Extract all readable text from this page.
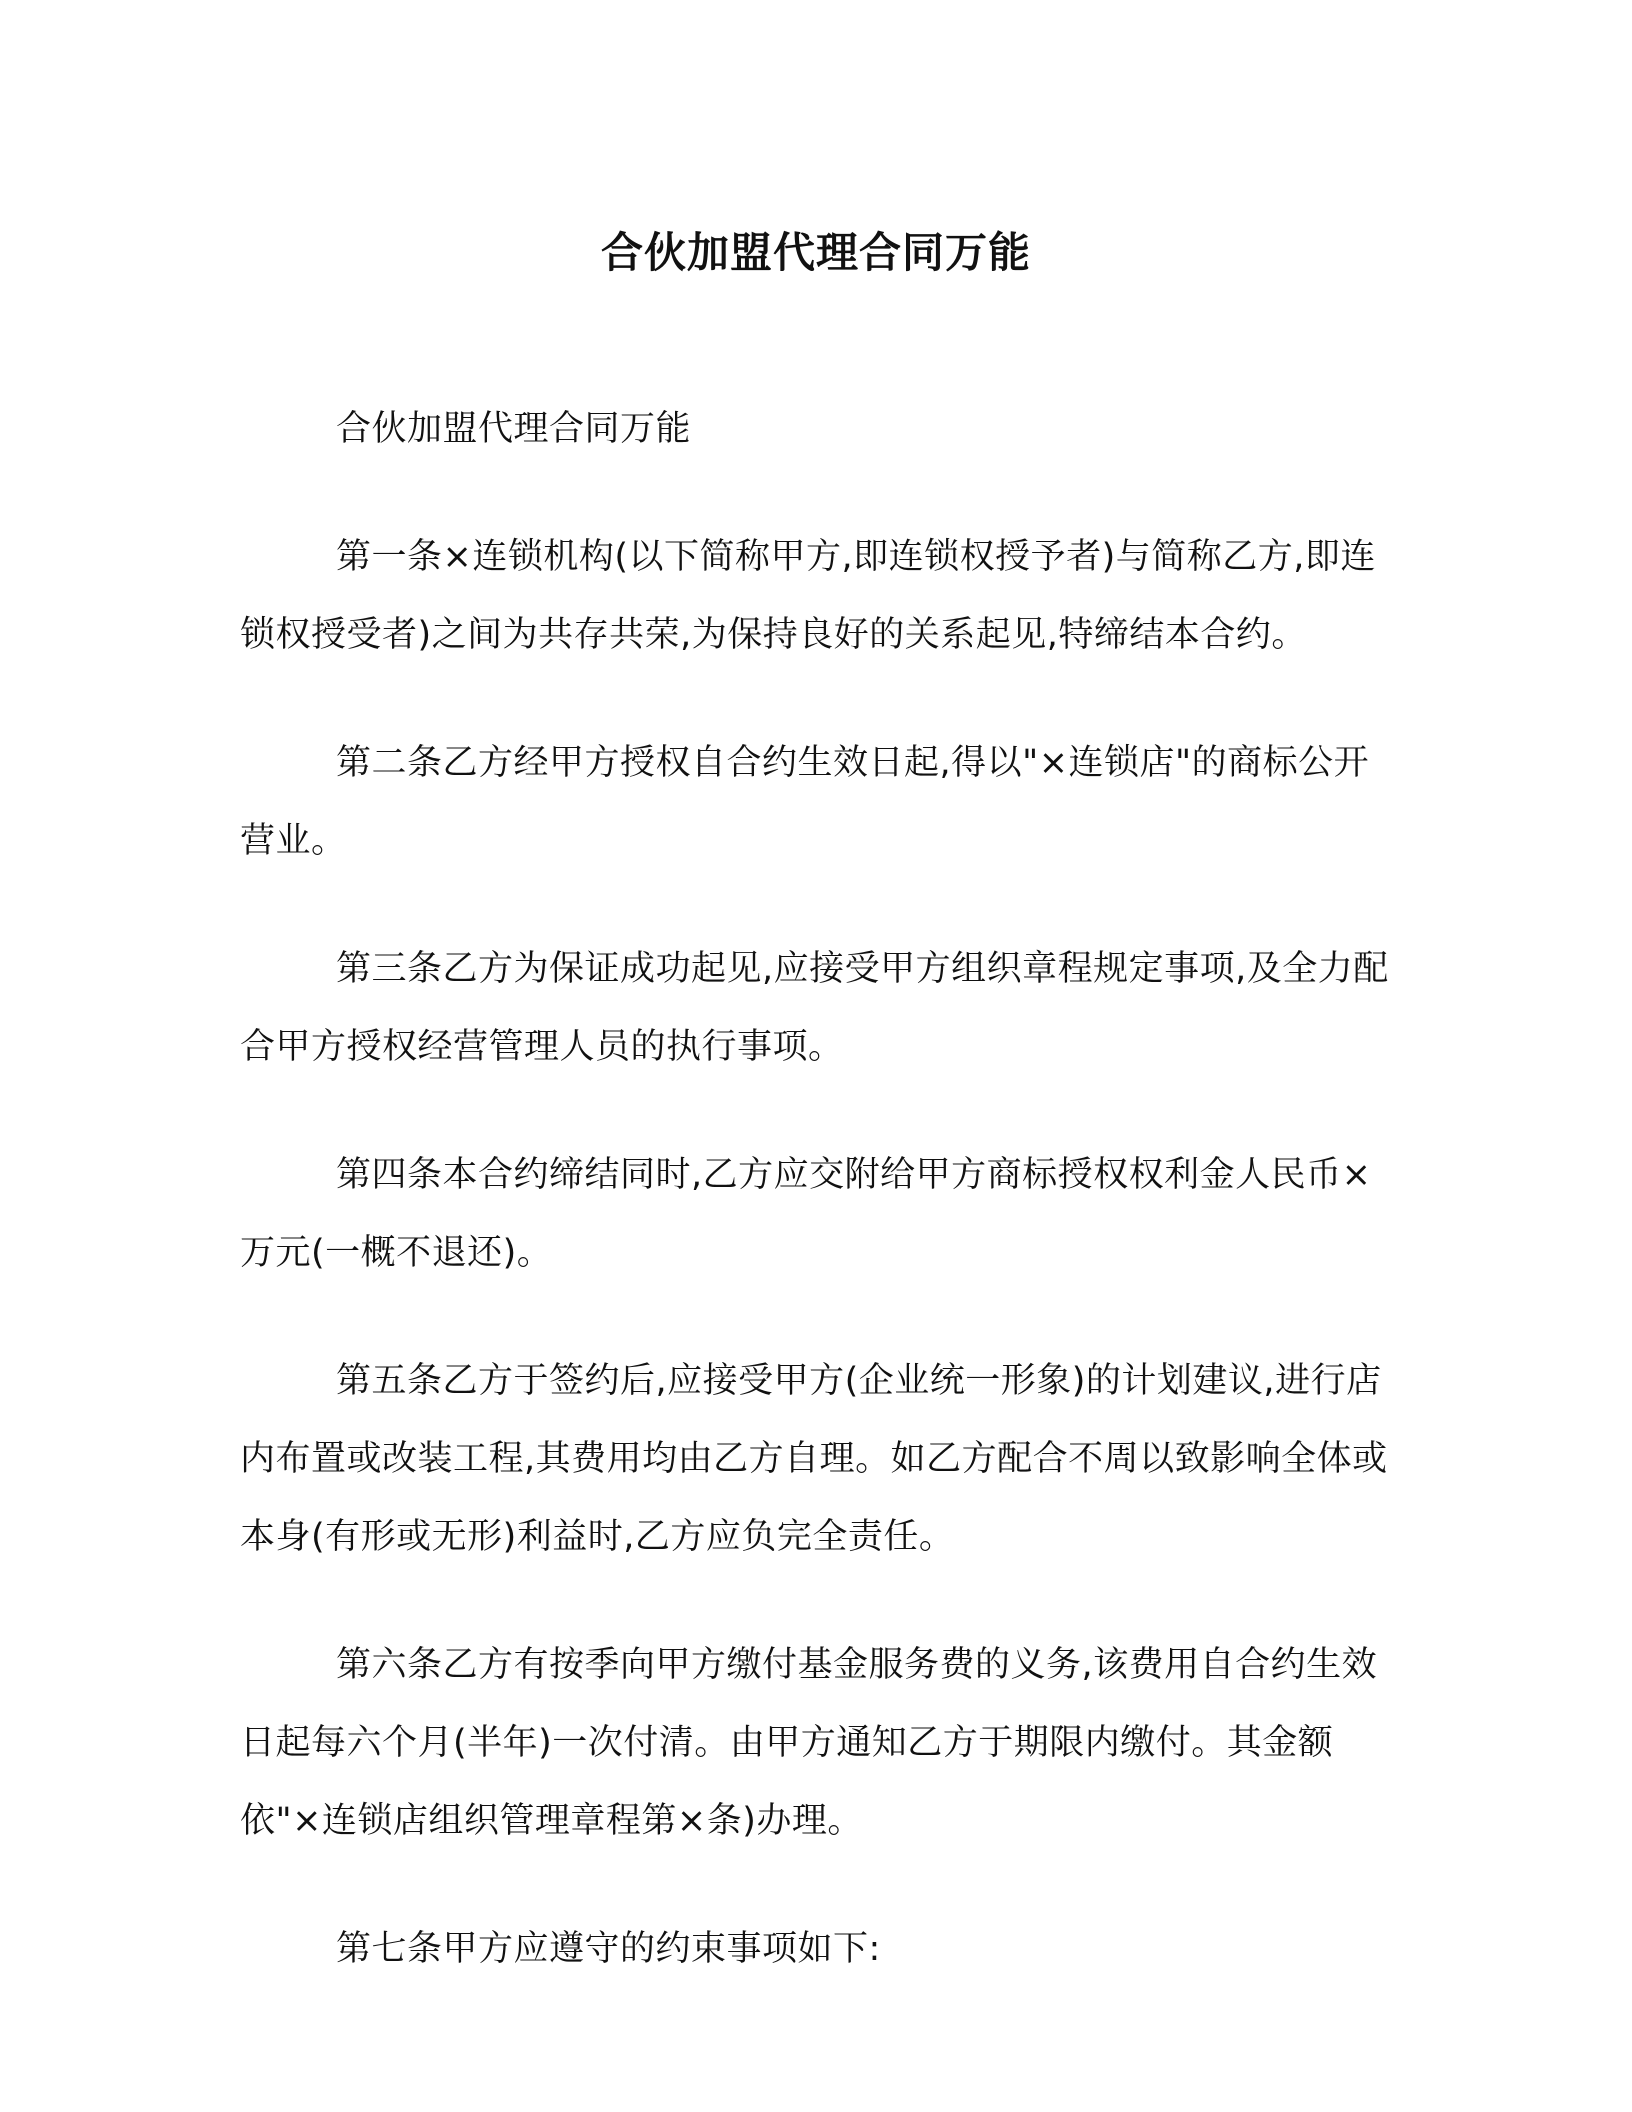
合伙加盟代理合同万能

合伙加盟代理合同万能

第一条×连锁机构(以下简称甲方,即连锁权授予者)与简称乙方,即连锁权授受者)之间为共存共荣,为保持良好的关系起见,特缔结本合约。

第二条乙方经甲方授权自合约生效日起,得以"×连锁店"的商标公开营业。

第三条乙方为保证成功起见,应接受甲方组织章程规定事项,及全力配合甲方授权经营管理人员的执行事项。

第四条本合约缔结同时,乙方应交附给甲方商标授权权利金人民币×万元(一概不退还)。

第五条乙方于签约后,应接受甲方(企业统一形象)的计划建议,进行店内布置或改装工程,其费用均由乙方自理。如乙方配合不周以致影响全体或本身(有形或无形)利益时,乙方应负完全责任。

第六条乙方有按季向甲方缴付基金服务费的义务,该费用自合约生效日起每六个月(半年)一次付清。由甲方通知乙方于期限内缴付。其金额依"×连锁店组织管理章程第×条)办理。

第七条甲方应遵守的约束事项如下:
